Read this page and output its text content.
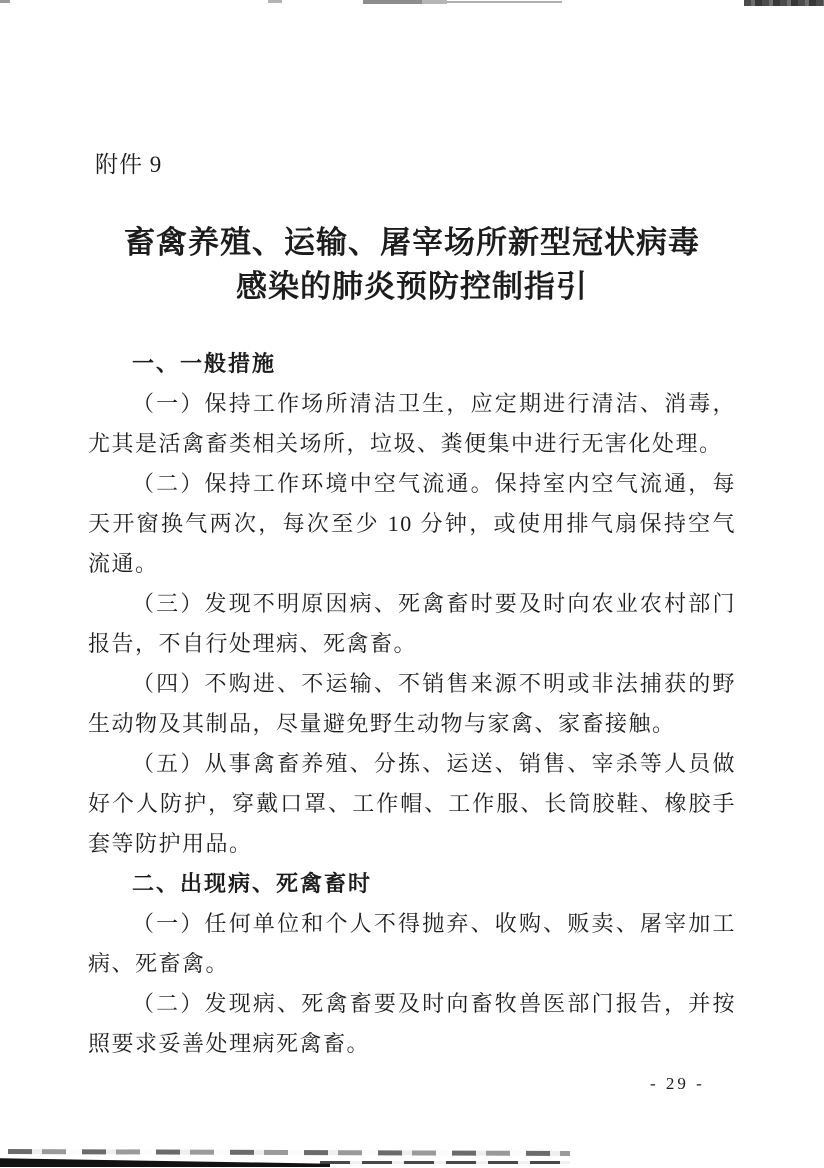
附件 9
畜禽养殖、运输、屠宰场所新型冠状病毒
感染的肺炎预防控制指引
一、一般措施

（一）保持工作场所清洁卫生，应定期进行清洁、消毒，尤其是活禽畜类相关场所，垃圾、粪便集中进行无害化处理。

（二）保持工作环境中空气流通。保持室内空气流通，每天开窗换气两次，每次至少 10 分钟，或使用排气扇保持空气流通。

（三）发现不明原因病、死禽畜时要及时向农业农村部门报告，不自行处理病、死禽畜。

（四）不购进、不运输、不销售来源不明或非法捕获的野生动物及其制品，尽量避免野生动物与家禽、家畜接触。

（五）从事禽畜养殖、分拣、运送、销售、宰杀等人员做好个人防护，穿戴口罩、工作帽、工作服、长筒胶鞋、橡胶手套等防护用品。

二、出现病、死禽畜时

（一）任何单位和个人不得抛弃、收购、贩卖、屠宰加工病、死畜禽。

（二）发现病、死禽畜要及时向畜牧兽医部门报告，并按照要求妥善处理病死禽畜。

- 29 -
